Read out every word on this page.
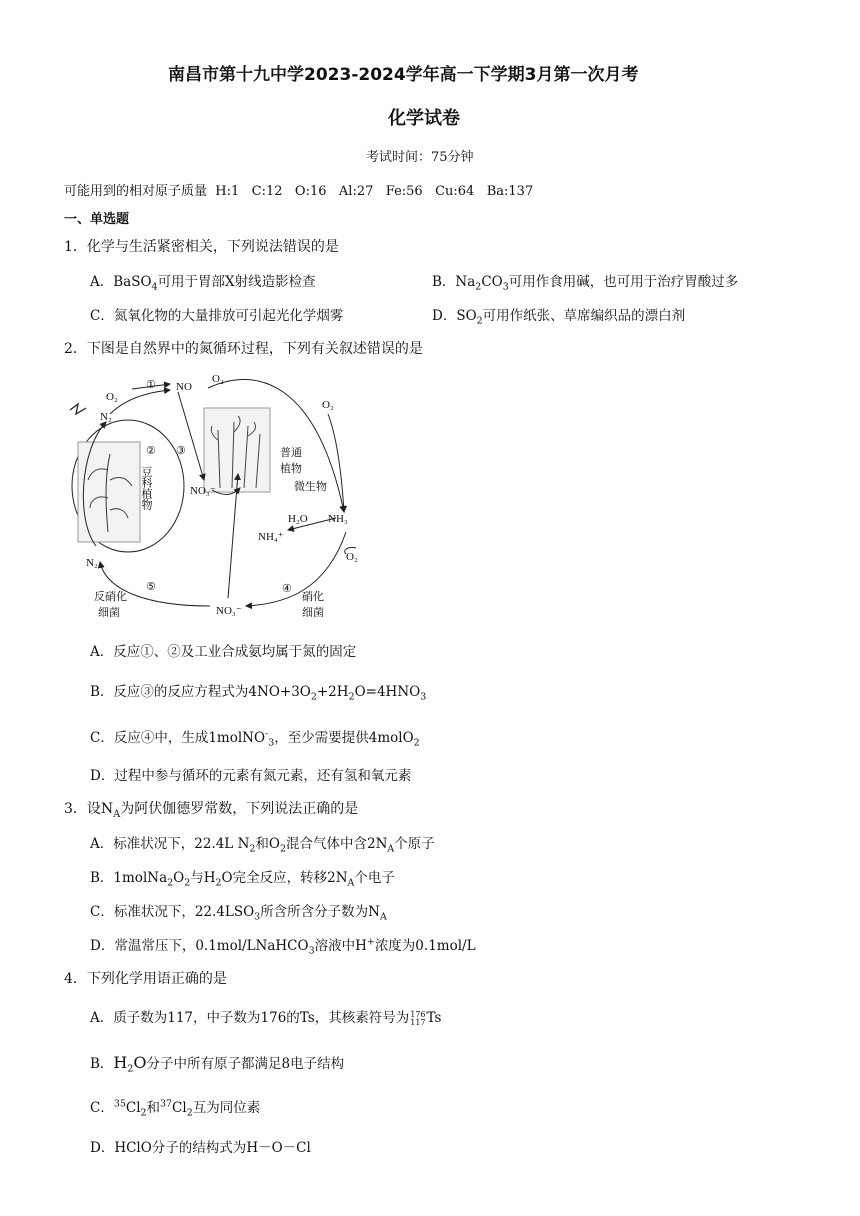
南昌市第十九中学2023-2024学年高一下学期3月第一次月考
化学试卷
考试时间：75分钟
可能用到的相对原子质量  H:1   C:12   O:16   Al:27   Fe:56   Cu:64   Ba:137
一、单选题
1．化学与生活紧密相关，下列说法错误的是
A．BaSO$_4$可用于胃部X射线造影检查	B．$Na_2CO_3$可用作食用碱，也可用于治疗胃酸过多
C．氮氧化物的大量排放可引起光化学烟雾	D．$SO_2$可用作纸张、草席编织品的漂白剂
2．下图是自然界中的氮循环过程，下列有关叙述错误的是
O₂
① NO
O₂
O₂
N₂
② ③
NO₃⁻
普通
植物
微生物
H₂O NH₃
NH₄⁺
O₂
N₂
⑤	④
NO₃⁻
反硝化
细菌
硝化
细菌
豆科植物
A．反应①、②及工业合成氨均属于氮的固定
B．反应③的反应方程式为$4NO+3O_2+2H_2O=4HNO_3$
C．反应④中，生成1molNO-$_3$，至少需要提供4molO$_2$
D．过程中参与循环的元素有氮元素，还有氢和氧元素
3．设$N_A$为阿伏伽德罗常数，下列说法正确的是
A．标准状况下，22.4L $N_2$和$O_2$混合气体中含$2N_A$个原子
B．$1molNa_2O_2$与$H_2O$完全反应，转移$2N_A$个电子
C．标准状况下，$22.4LSO_3$所含所含分子数为$N_A$
D．常温常压下，0.1mol/LNaHCO$_3$溶液中H+浓度为0.1mol/L
4．下列化学用语正确的是
A．质子数为117，中子数为176的Ts，其核素符号为176
117Ts
B．$H_2O$分子中所有原子都满足8电子结构
C．$^{35}Cl_2$和$^{37}Cl_2$互为同位素
D．HClO分子的结构式为H－O－Cl
